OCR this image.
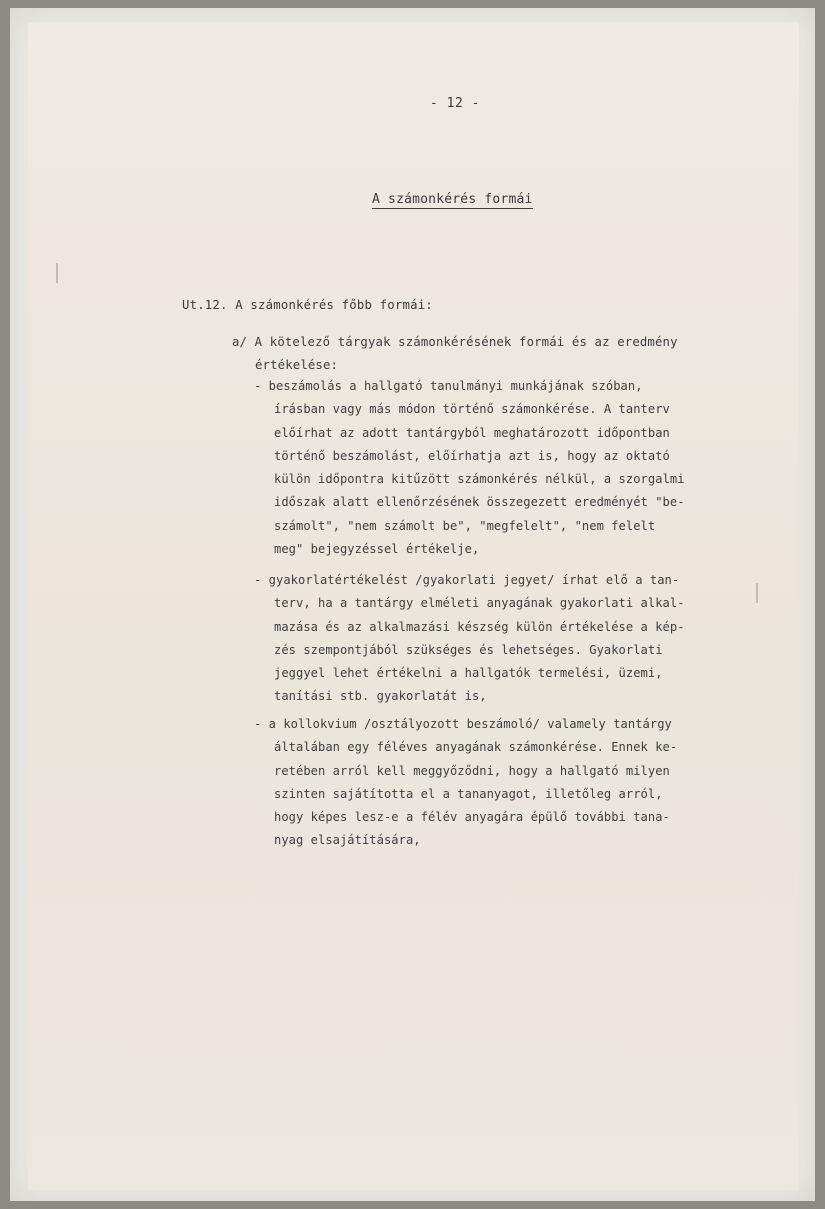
- 12 -
A számonkérés formái
Ut.12. A számonkérés főbb formái:
a/ A kötelező tárgyak számonkérésének formái és az eredmény
értékelése:
- beszámolás a hallgató tanulmányi munkájának szóban,
írásban vagy más módon történő számonkérése. A tanterv
előírhat az adott tantárgyból meghatározott időpontban
történő beszámolást, előírhatja azt is, hogy az oktató
külön időpontra kitűzött számonkérés nélkül, a szorgalmi
időszak alatt ellenőrzésének összegezett eredményét "be-
számolt", "nem számolt be", "megfelelt", "nem felelt
meg" bejegyzéssel értékelje,
- gyakorlatértékelést /gyakorlati jegyet/ írhat elő a tan-
terv, ha a tantárgy elméleti anyagának gyakorlati alkal-
mazása és az alkalmazási készség külön értékelése a kép-
zés szempontjából szükséges és lehetséges. Gyakorlati
jeggyel lehet értékelni a hallgatók termelési, üzemi,
tanítási stb. gyakorlatát is,
- a kollokvium /osztályozott beszámoló/ valamely tantárgy
általában egy féléves anyagának számonkérése. Ennek ke-
retében arról kell meggyőződni, hogy a hallgató milyen
szinten sajátította el a tananyagot, illetőleg arról,
hogy képes lesz-e a félév anyagára épülő további tana-
nyag elsajátítására,
